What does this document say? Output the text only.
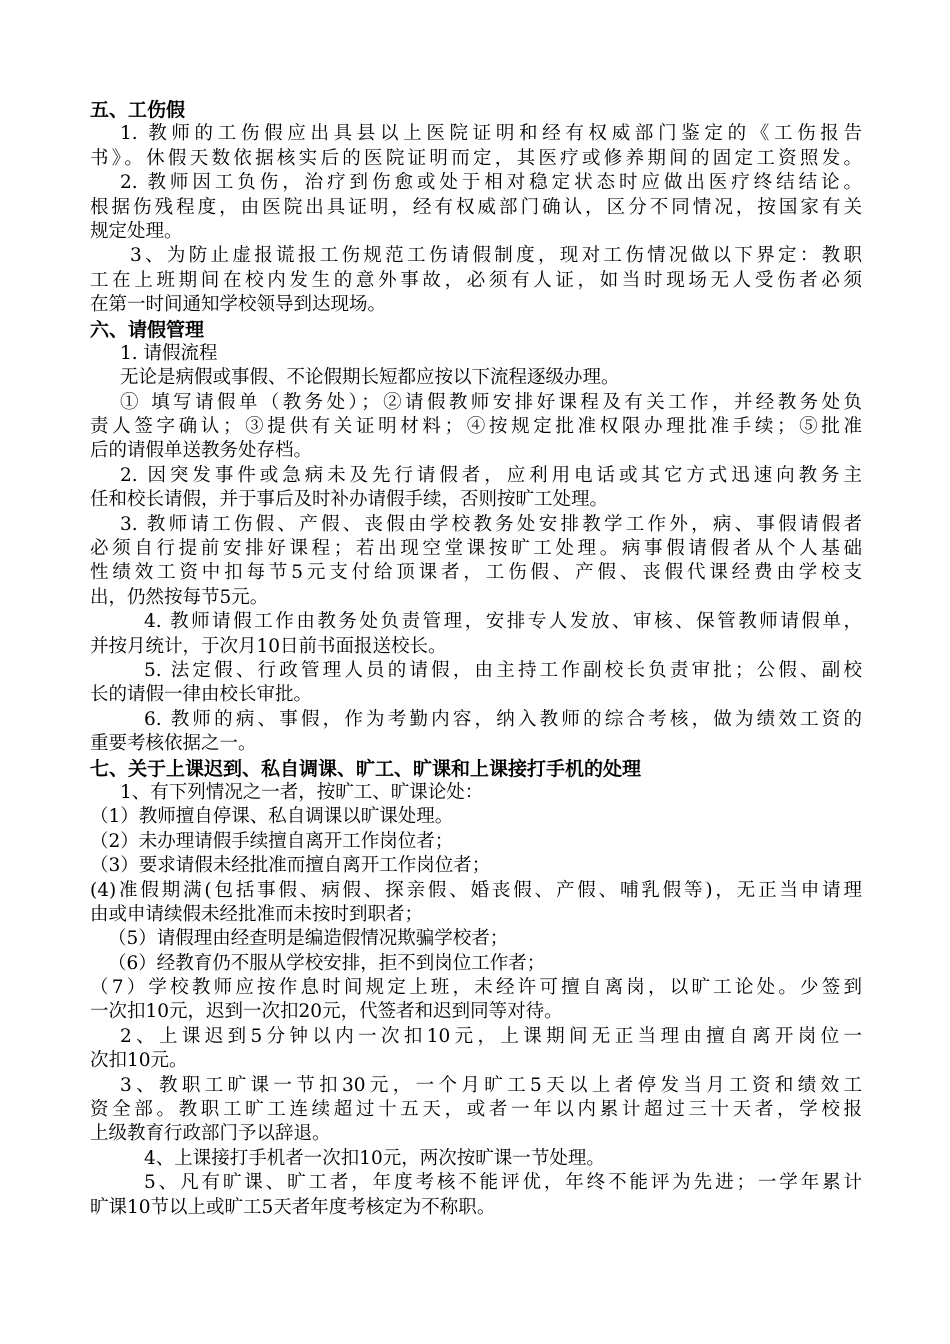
五、工伤假
1. 教师的工伤假应出具县以上医院证明和经有权威部门鉴定的《工伤报告
书》。休假天数依据核实后的医院证明而定，其医疗或修养期间的固定工资照发。
2. 教师因工负伤，治疗到伤愈或处于相对稳定状态时应做出医疗终结结论。
根据伤残程度，由医院出具证明，经有权威部门确认，区分不同情况，按国家有关
规定处理。
3、为防止虚报谎报工伤规范工伤请假制度，现对工伤情况做以下界定：教职
工在上班期间在校内发生的意外事故，必须有人证，如当时现场无人受伤者必须
在第一时间通知学校领导到达现场。
六、请假管理
1. 请假流程
无论是病假或事假、不论假期长短都应按以下流程逐级办理。
① 填写请假单（教务处）；②请假教师安排好课程及有关工作，并经教务处负
责人签字确认；③提供有关证明材料；④按规定批准权限办理批准手续；⑤批准
后的请假单送教务处存档。
2. 因突发事件或急病未及先行请假者，应利用电话或其它方式迅速向教务主
任和校长请假，并于事后及时补办请假手续，否则按旷工处理。
3. 教师请工伤假、产假、丧假由学校教务处安排教学工作外，病、事假请假者
必须自行提前安排好课程；若出现空堂课按旷工处理。病事假请假者从个人基础
性绩效工资中扣每节5元支付给顶课者，工伤假、产假、丧假代课经费由学校支
出，仍然按每节5元。
4. 教师请假工作由教务处负责管理，安排专人发放、审核、保管教师请假单，
并按月统计，于次月10日前书面报送校长。
5. 法定假、行政管理人员的请假，由主持工作副校长负责审批；公假、副校
长的请假一律由校长审批。
6. 教师的病、事假，作为考勤内容，纳入教师的综合考核，做为绩效工资的
重要考核依据之一。
七、关于上课迟到、私自调课、旷工、旷课和上课接打手机的处理
1、有下列情况之一者，按旷工、旷课论处：
（1）教师擅自停课、私自调课以旷课处理。
（2）未办理请假手续擅自离开工作岗位者；
（3）要求请假未经批准而擅自离开工作岗位者；
(4)准假期满(包括事假、病假、探亲假、婚丧假、产假、哺乳假等)，无正当申请理
由或申请续假未经批准而未按时到职者；
（5）请假理由经查明是编造假情况欺骗学校者；
（6）经教育仍不服从学校安排，拒不到岗位工作者；
（7）学校教师应按作息时间规定上班，未经许可擅自离岗，以旷工论处。少签到
一次扣10元，迟到一次扣20元，代签者和迟到同等对待。
2、上课迟到5分钟以内一次扣10元，上课期间无正当理由擅自离开岗位一
次扣10元。
3、教职工旷课一节扣30元，一个月旷工5天以上者停发当月工资和绩效工
资全部。教职工旷工连续超过十五天，或者一年以内累计超过三十天者，学校报
上级教育行政部门予以辞退。
4、上课接打手机者一次扣10元，两次按旷课一节处理。
5、凡有旷课、旷工者，年度考核不能评优，年终不能评为先进；一学年累计
旷课10节以上或旷工5天者年度考核定为不称职。
